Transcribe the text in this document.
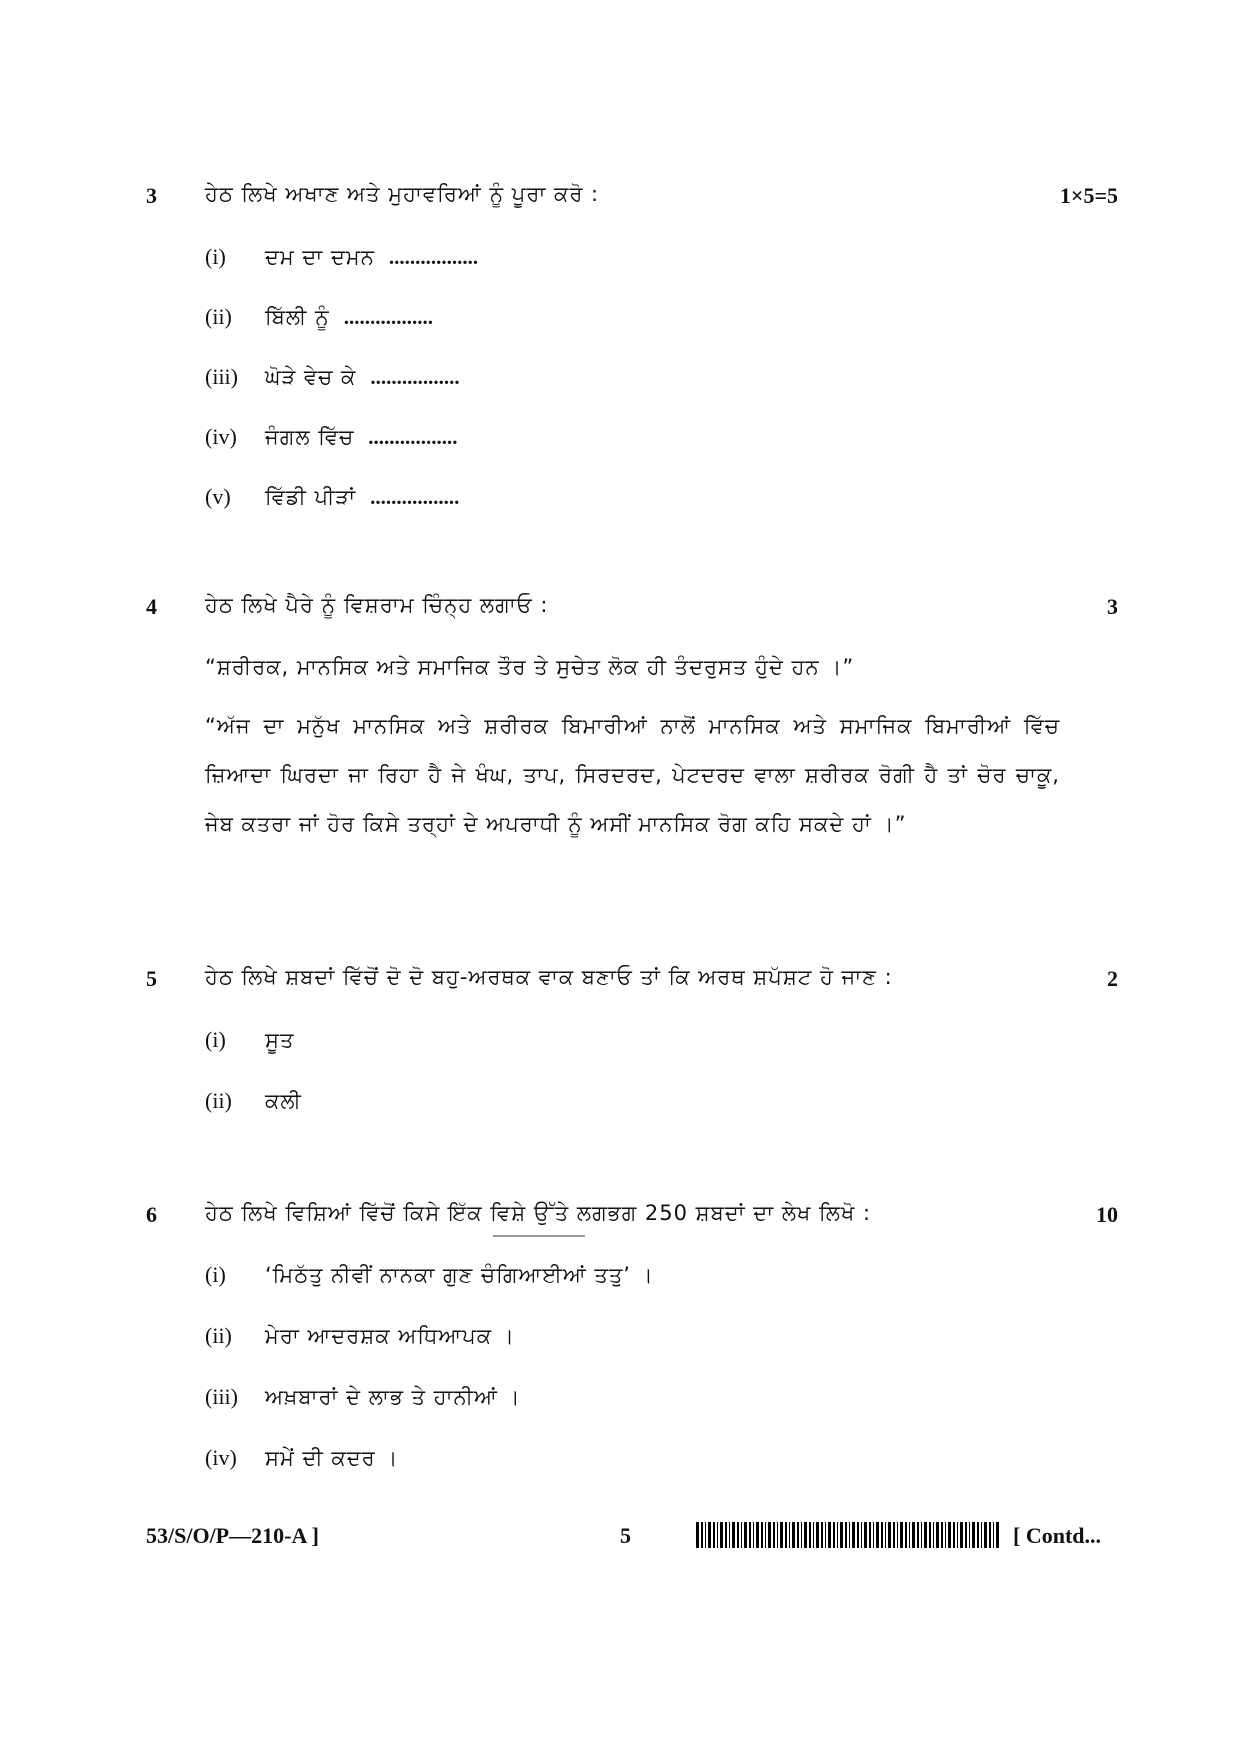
3 ਹੇਠ ਲਿਖੇ ਅਖਾਣ ਅਤੇ ਮੁਹਾਵਰਿਆਂ ਨੂੰ ਪੂਰਾ ਕਰੋ :	1×5=5
(i) ਦਮ ਦਾ ਦਮਨ .................
(ii) ਬਿੱਲੀ ਨੂੰ .................
(iii) ਘੋੜੇ ਵੇਚ ਕੇ .................
(iv) ਜੰਗਲ ਵਿੱਚ .................
(v) ਵਿੱਡੀ ਪੀੜਾਂ .................
4 ਹੇਠ ਲਿਖੇ ਪੈਰੇ ਨੂੰ ਵਿਸ਼ਰਾਮ ਚਿੰਨ੍ਹ ਲਗਾਓ :	3
“ਸ਼ਰੀਰਕ, ਮਾਨਸਿਕ ਅਤੇ ਸਮਾਜਿਕ ਤੌਰ ਤੇ ਸੁਚੇਤ ਲੋਕ ਹੀ ਤੰਦਰੁਸਤ ਹੁੰਦੇ ਹਨ ।”
“ਅੱਜ ਦਾ ਮਨੁੱਖ ਮਾਨਸਿਕ ਅਤੇ ਸ਼ਰੀਰਕ ਬਿਮਾਰੀਆਂ ਨਾਲੋਂ ਮਾਨਸਿਕ ਅਤੇ ਸਮਾਜਿਕ ਬਿਮਾਰੀਆਂ ਵਿੱਚ ਜ਼ਿਆਦਾ ਘਿਰਦਾ ਜਾ ਰਿਹਾ ਹੈ ਜੇ ਖੰਘ, ਤਾਪ, ਸਿਰਦਰਦ, ਪੇਟਦਰਦ ਵਾਲਾ ਸ਼ਰੀਰਕ ਰੋਗੀ ਹੈ ਤਾਂ ਚੋਰ ਚਾਕੂ, ਜੇਬ ਕਤਰਾ ਜਾਂ ਹੋਰ ਕਿਸੇ ਤਰ੍ਹਾਂ ਦੇ ਅਪਰਾਧੀ ਨੂੰ ਅਸੀਂ ਮਾਨਸਿਕ ਰੋਗ ਕਹਿ ਸਕਦੇ ਹਾਂ ।”
5 ਹੇਠ ਲਿਖੇ ਸ਼ਬਦਾਂ ਵਿੱਚੋਂ ਦੋ ਦੋ ਬਹੁ-ਅਰਥਕ ਵਾਕ ਬਣਾਓ ਤਾਂ ਕਿ ਅਰਥ ਸ਼ਪੱਸ਼ਟ ਹੋ ਜਾਣ :	2
(i) ਸੂਤ
(ii) ਕਲੀ
6 ਹੇਠ ਲਿਖੇ ਵਿਸ਼ਿਆਂ ਵਿੱਚੋਂ ਕਿਸੇ ਇੱਕ ਵਿਸ਼ੇ ਉੱਤੇ ਲਗਭਗ 250 ਸ਼ਬਦਾਂ ਦਾ ਲੇਖ ਲਿਖੋ :	10
(i) ‘ਮਿਠੱਤੁ ਨੀਵੀਂ ਨਾਨਕਾ ਗੁਣ ਚੰਗਿਆਈਆਂ ਤਤੁ’ ।
(ii) ਮੇਰਾ ਆਦਰਸ਼ਕ ਅਧਿਆਪਕ ।
(iii) ਅਖ਼ਬਾਰਾਂ ਦੇ ਲਾਭ ਤੇ ਹਾਨੀਆਂ ।
(iv) ਸਮੇਂ ਦੀ ਕਦਰ ।
53/S/O/P—210-A ]	5	[ Contd...
